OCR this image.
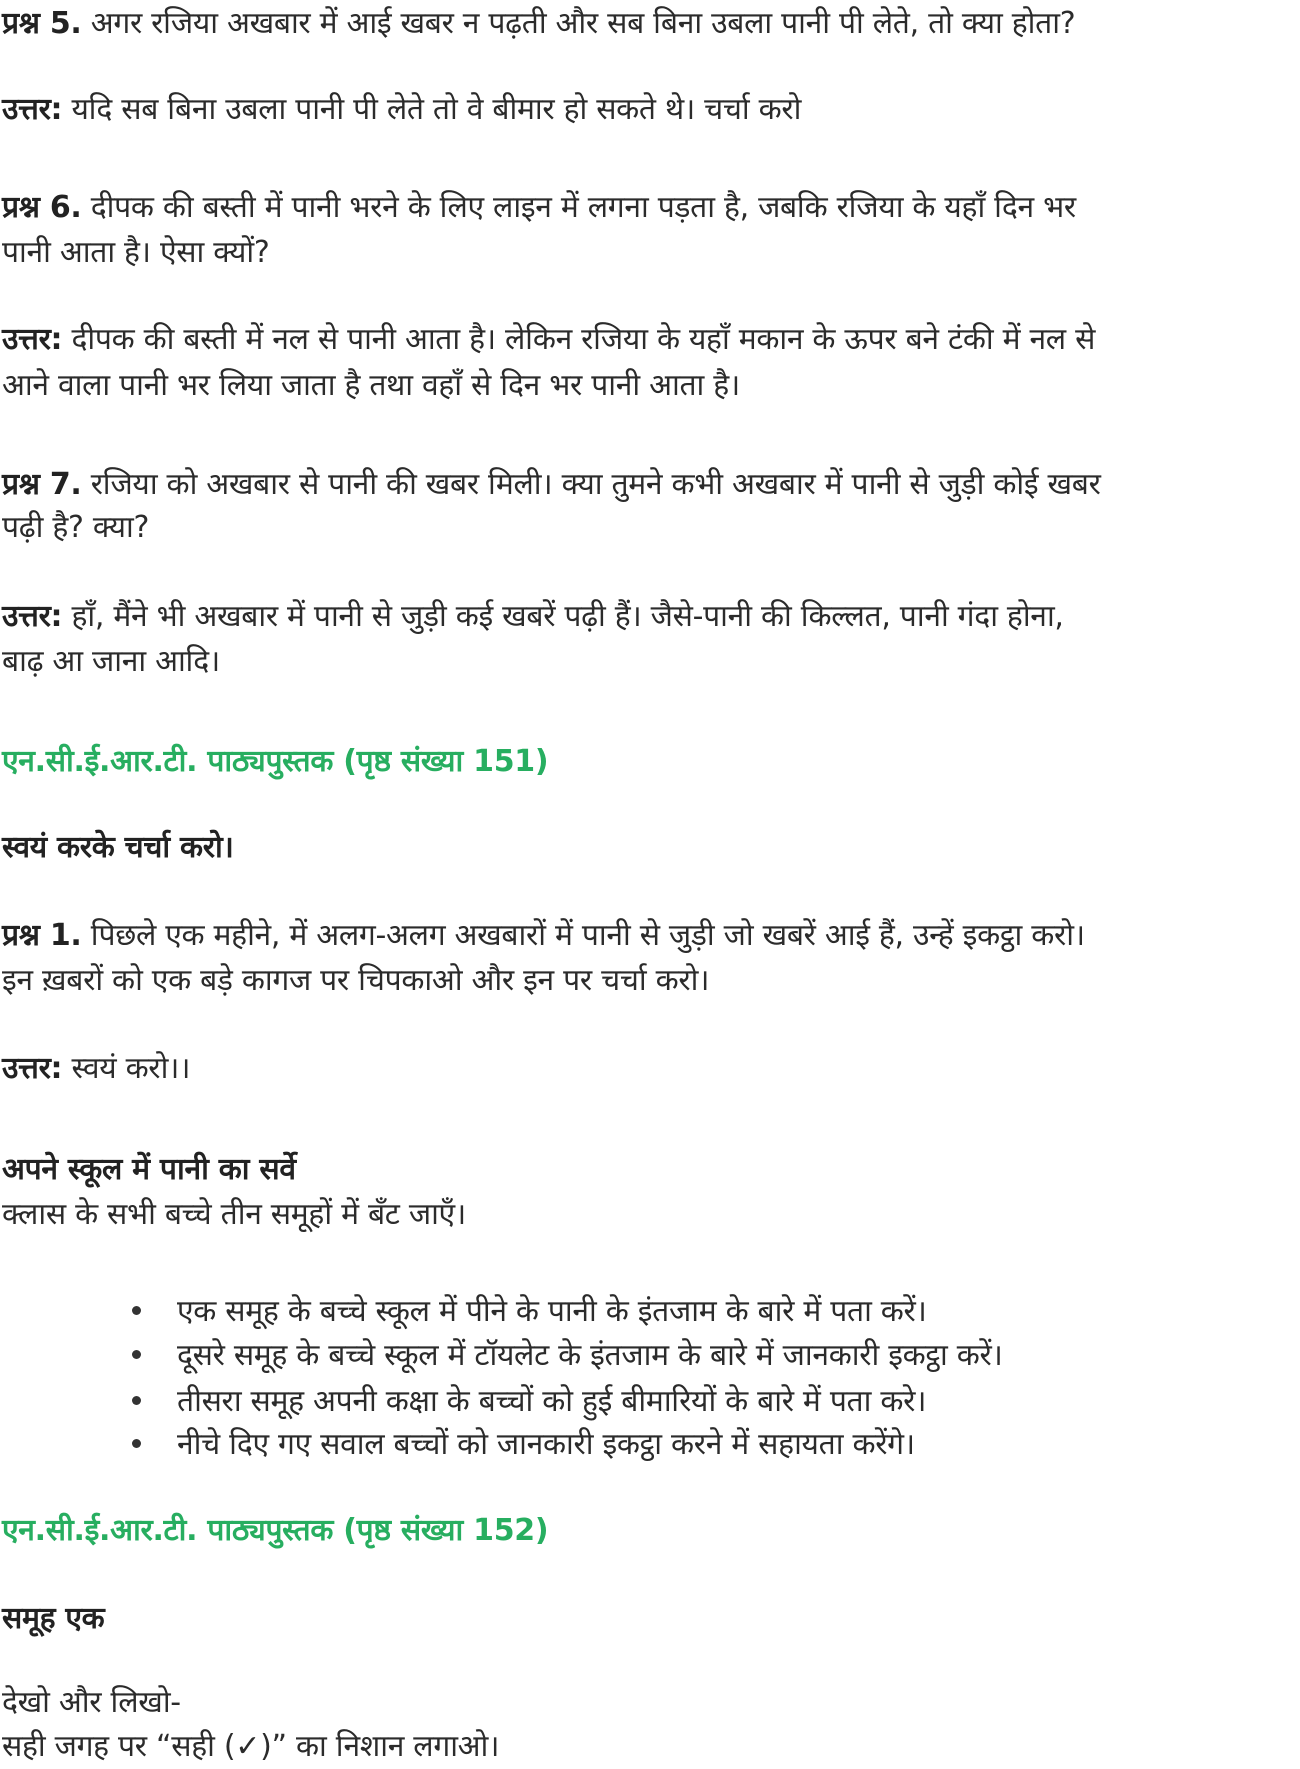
प्रश्न 5. अगर रजिया अखबार में आई खबर न पढ़ती और सब बिना उबला पानी पी लेते, तो क्या होता?
उत्तर: यदि सब बिना उबला पानी पी लेते तो वे बीमार हो सकते थे। चर्चा करो
प्रश्न 6. दीपक की बस्ती में पानी भरने के लिए लाइन में लगना पड़ता है, जबकि रजिया के यहाँ दिन भर
पानी आता है। ऐसा क्यों?
उत्तर: दीपक की बस्ती में नल से पानी आता है। लेकिन रजिया के यहाँ मकान के ऊपर बने टंकी में नल से
आने वाला पानी भर लिया जाता है तथा वहाँ से दिन भर पानी आता है।
प्रश्न 7. रजिया को अखबार से पानी की खबर मिली। क्या तुमने कभी अखबार में पानी से जुड़ी कोई खबर
पढ़ी है? क्या?
उत्तर: हाँ, मैंने भी अखबार में पानी से जुड़ी कई खबरें पढ़ी हैं। जैसे-पानी की किल्लत, पानी गंदा होना,
बाढ़ आ जाना आदि।
एन.सी.ई.आर.टी. पाठ्यपुस्तक (पृष्ठ संख्या 151)
स्वयं करके चर्चा करो।
प्रश्न 1. पिछले एक महीने, में अलग-अलग अखबारों में पानी से जुड़ी जो खबरें आई हैं, उन्हें इकट्ठा करो।
इन ख़बरों को एक बड़े कागज पर चिपकाओ और इन पर चर्चा करो।
उत्तर: स्वयं करो।।
अपने स्कूल में पानी का सर्वे
क्लास के सभी बच्चे तीन समूहों में बँट जाएँ।
एक समूह के बच्चे स्कूल में पीने के पानी के इंतजाम के बारे में पता करें।
दूसरे समूह के बच्चे स्कूल में टॉयलेट के इंतजाम के बारे में जानकारी इकट्ठा करें।
तीसरा समूह अपनी कक्षा के बच्चों को हुई बीमारियों के बारे में पता करे।
नीचे दिए गए सवाल बच्चों को जानकारी इकट्ठा करने में सहायता करेंगे।
एन.सी.ई.आर.टी. पाठ्यपुस्तक (पृष्ठ संख्या 152)
समूह एक
देखो और लिखो-
सही जगह पर “सही (✓)” का निशान लगाओ।
